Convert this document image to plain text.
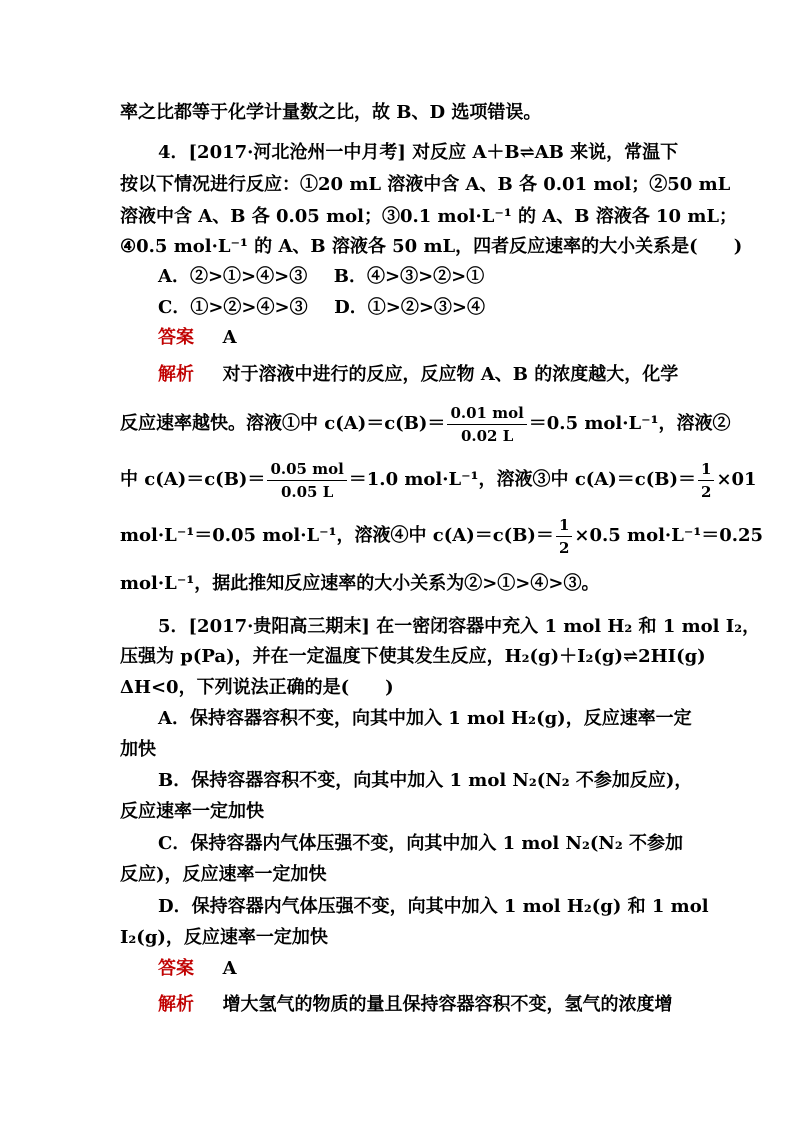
率之比都等于化学计量数之比，故 B、D 选项错误。
4．[2017·河北沧州一中月考] 对反应 A＋B⇌AB 来说，常温下
按以下情况进行反应：①20 mL 溶液中含 A、B 各 0.01 mol；②50 mL
溶液中含 A、B 各 0.05 mol；③0.1 mol·L⁻¹ 的 A、B 溶液各 10 mL；
④0.5 mol·L⁻¹ 的 A、B 溶液各 50 mL，四者反应速率的大小关系是(　　)
A．②>①>④>③ B．④>③>②>①
C．①>②>④>③ D．①>②>③>④
答案 A
解析 对于溶液中进行的反应，反应物 A、B 的浓度越大，化学
反应速率越快。溶液①中 $c(A)=c(B)= \frac{\text{0.01 mol}}{0.02 L} =0.5$ mol·L⁻¹，溶液②
中 $c(A)=c(B)= \frac{\text{0.05 mol}}{0.05 L} =1.0$ mol·L⁻¹，溶液③中 $c(A)=c(B)= \frac{1}{2} \times 01$
mol·L⁻¹＝0.05 mol·L⁻¹，溶液④中 $c(A)=c(B)= \frac{1}{2} \times 0.5$ mol·L⁻¹＝0.25
mol·L⁻¹，据此推知反应速率的大小关系为②>①>④>③。
5．[2017·贵阳高三期末] 在一密闭容器中充入 1 mol H₂ 和 1 mol I₂，
压强为 p(Pa)，并在一定温度下使其发生反应，H₂(g)＋I₂(g)⇌2HI(g)
ΔH<0，下列说法正确的是(　　)
A．保持容器容积不变，向其中加入 1 mol H₂(g)，反应速率一定
加快
B．保持容器容积不变，向其中加入 1 mol N₂(N₂ 不参加反应)，
反应速率一定加快
C．保持容器内气体压强不变，向其中加入 1 mol N₂(N₂ 不参加
反应)，反应速率一定加快
D．保持容器内气体压强不变，向其中加入 1 mol H₂(g) 和 1 mol
I₂(g)，反应速率一定加快
答案 A
解析 增大氢气的物质的量且保持容器容积不变，氢气的浓度增
